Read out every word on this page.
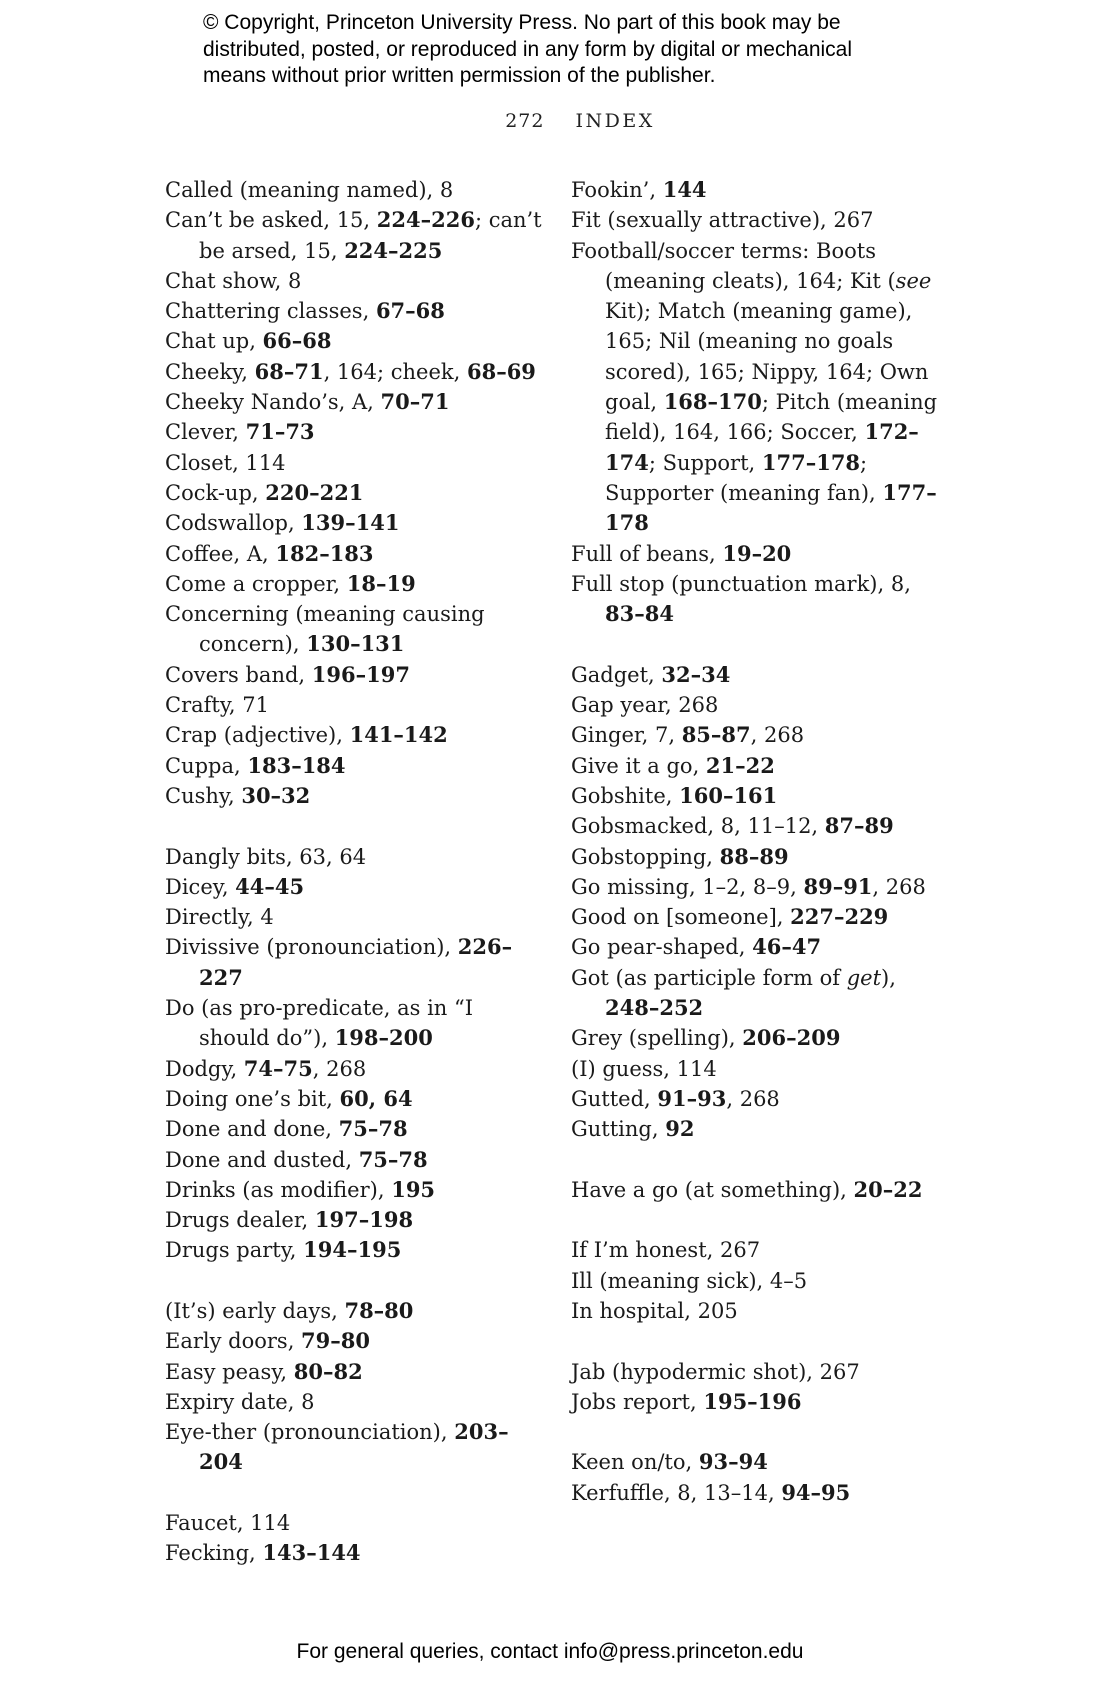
© Copyright, Princeton University Press. No part of this book may be
distributed, posted, or reproduced in any form by digital or mechanical
means without prior written permission of the publisher.
272 INDEX
Called (meaning named), 8
Can’t be asked, 15, 224–226; can’t be arsed, 15, 224–225
Chat show, 8
Chattering classes, 67–68
Chat up, 66–68
Cheeky, 68–71, 164; cheek, 68–69
Cheeky Nando’s, A, 70–71
Clever, 71–73
Closet, 114
Cock-up, 220–221
Codswallop, 139–141
Coffee, A, 182–183
Come a cropper, 18–19
Concerning (meaning causing concern), 130–131
Covers band, 196–197
Crafty, 71
Crap (adjective), 141–142
Cuppa, 183–184
Cushy, 30–32
Dangly bits, 63, 64
Dicey, 44–45
Directly, 4
Divissive (pronounciation), 226–227
Do (as pro-predicate, as in “I should do”), 198–200
Dodgy, 74–75, 268
Doing one’s bit, 60, 64
Done and done, 75–78
Done and dusted, 75–78
Drinks (as modifier), 195
Drugs dealer, 197–198
Drugs party, 194–195
(It’s) early days, 78–80
Early doors, 79–80
Easy peasy, 80–82
Expiry date, 8
Eye-ther (pronounciation), 203–204
Faucet, 114
Fecking, 143–144
Fookin’, 144
Fit (sexually attractive), 267
Football/soccer terms: Boots (meaning cleats), 164; Kit (see Kit); Match (meaning game), 165; Nil (meaning no goals scored), 165; Nippy, 164; Own goal, 168–170; Pitch (meaning field), 164, 166; Soccer, 172–174; Support, 177–178; Supporter (meaning fan), 177–178
Full of beans, 19–20
Full stop (punctuation mark), 8, 83–84
Gadget, 32–34
Gap year, 268
Ginger, 7, 85–87, 268
Give it a go, 21–22
Gobshite, 160–161
Gobsmacked, 8, 11–12, 87–89
Gobstopping, 88–89
Go missing, 1–2, 8–9, 89–91, 268
Good on [someone], 227–229
Go pear-shaped, 46–47
Got (as participle form of get), 248–252
Grey (spelling), 206–209
(I) guess, 114
Gutted, 91–93, 268
Gutting, 92
Have a go (at something), 20–22
If I’m honest, 267
Ill (meaning sick), 4–5
In hospital, 205
Jab (hypodermic shot), 267
Jobs report, 195–196
Keen on/to, 93–94
Kerfuffle, 8, 13–14, 94–95
For general queries, contact info@press.princeton.edu
